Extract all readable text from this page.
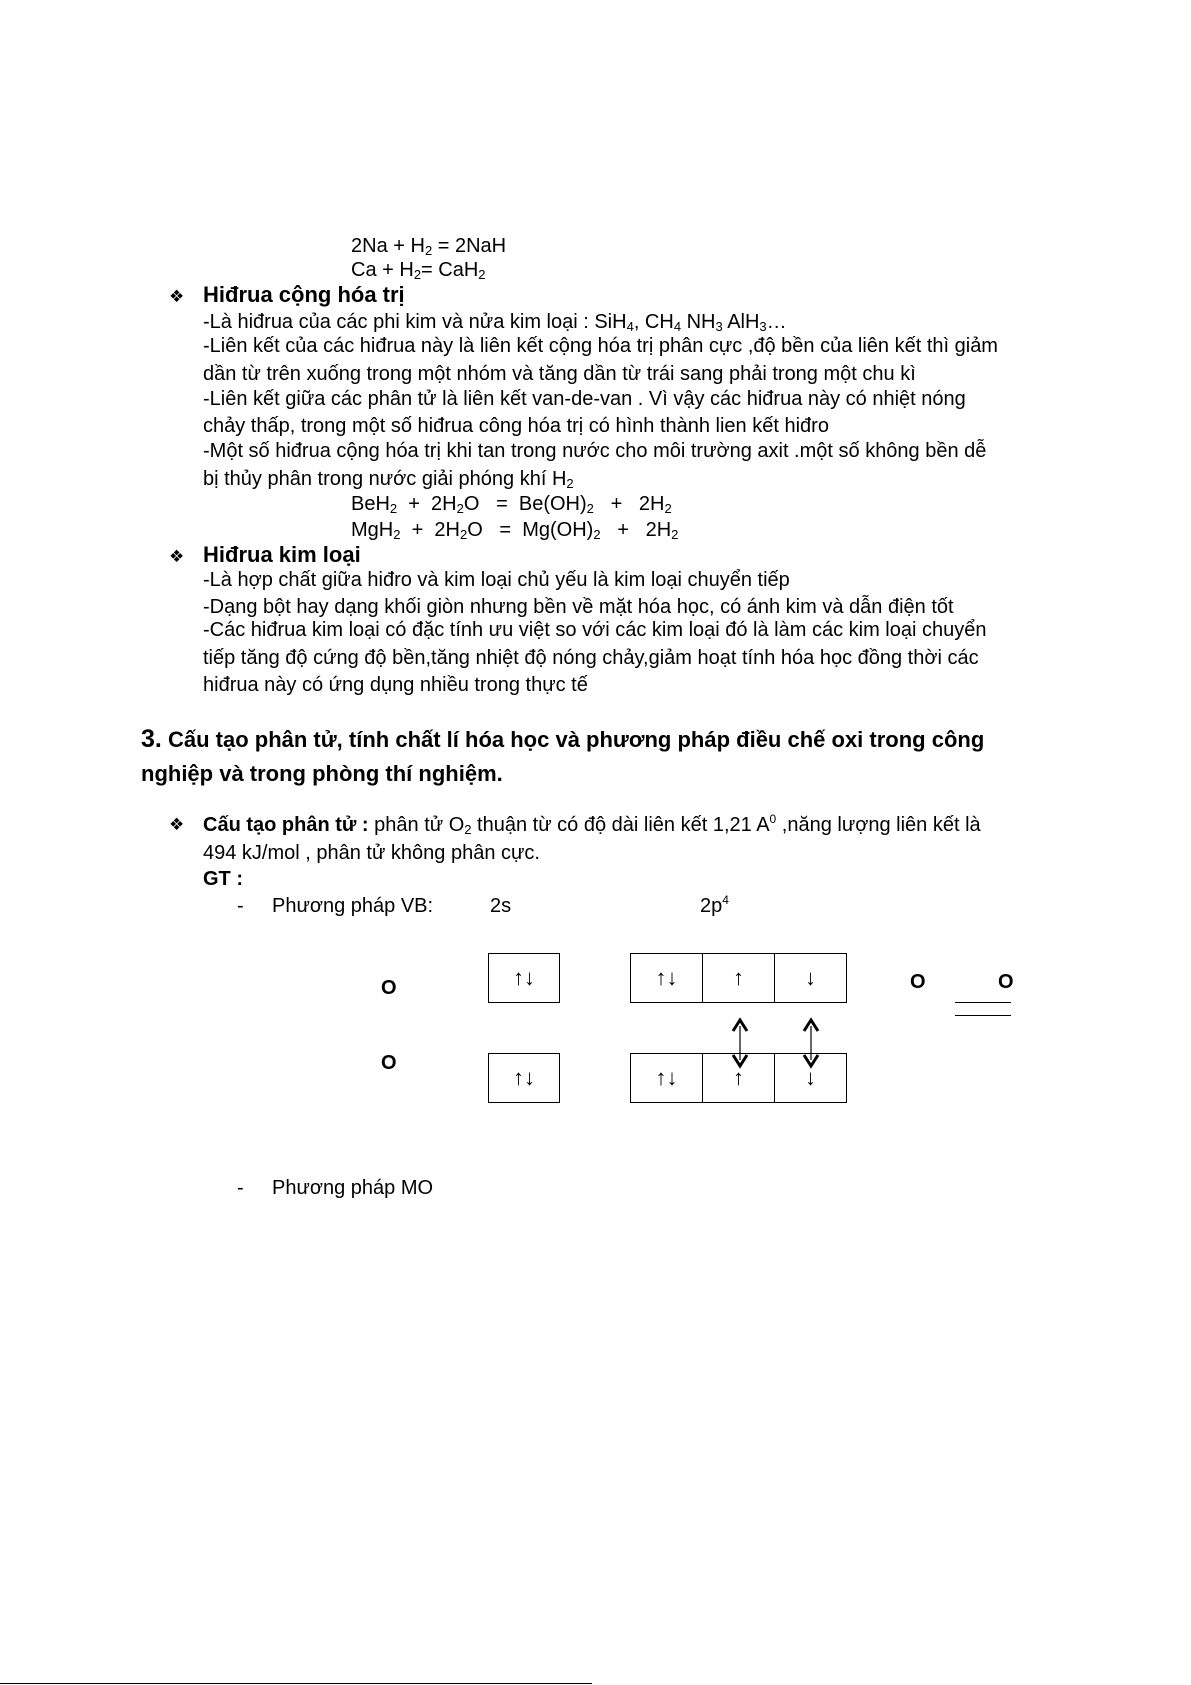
$2Na + H_2 = 2NaH$
$Ca + H_2= CaH_2$
❖ Hiđrua cộng hóa trị
-Là hiđrua của các phi kim và nửa kim loại : SiH$_4$, $CH_4$ $NH_3$ AlH$_3$…
-Liên kết của các hiđrua này là liên kết cộng hóa trị phân cực ,độ bền của liên kết thì giảm
dần từ trên xuống trong một nhóm và tăng dần từ trái sang phải trong một chu kì
-Liên kết giữa các phân tử là liên kết van-de-van . Vì vậy các hiđrua này có nhiệt nóng
chảy thấp, trong một số hiđrua công hóa trị có hình thành lien kết hiđro
-Một số hiđrua cộng hóa trị khi tan trong nước cho môi trường axit .một số không bền dễ
bị thủy phân trong nước giải phóng khí $H_2$
$BeH_2 + 2H_2O = Be(OH)_2 + 2H_2$
$MgH_2 + 2H_2O = Mg(OH)_2 + 2H_2$
❖ Hiđrua kim loại
-Là hợp chất giữa hiđro và kim loại chủ yếu là kim loại chuyển tiếp
-Dạng bột hay dạng khối giòn nhưng bền về mặt hóa học, có ánh kim và dẫn điện tốt
-Các hiđrua kim loại có đặc tính ưu việt so với các kim loại đó là làm các kim loại chuyển
tiếp tăng độ cứng độ bền,tăng nhiệt độ nóng chảy,giảm hoạt tính hóa học đồng thời các
hiđrua này có ứng dụng nhiều trong thực tế
3. Cấu tạo phân tử, tính chất lí hóa học và phương pháp điều chế oxi trong công
nghiệp và trong phòng thí nghiệm.
❖ Cấu tạo phân tử : phân tử $O_2$ thuận từ có độ dài liên kết 1,21 $A^0$ ,năng lượng liên kết là
494 kJ/mol , phân tử không phân cực.
GT :
- Phương pháp VB:	2s	$2p^4$
O
O
↑↓	↑↓	↑	↓
↑↓	↑↓	↑	↓
O	O
- Phương pháp MO
